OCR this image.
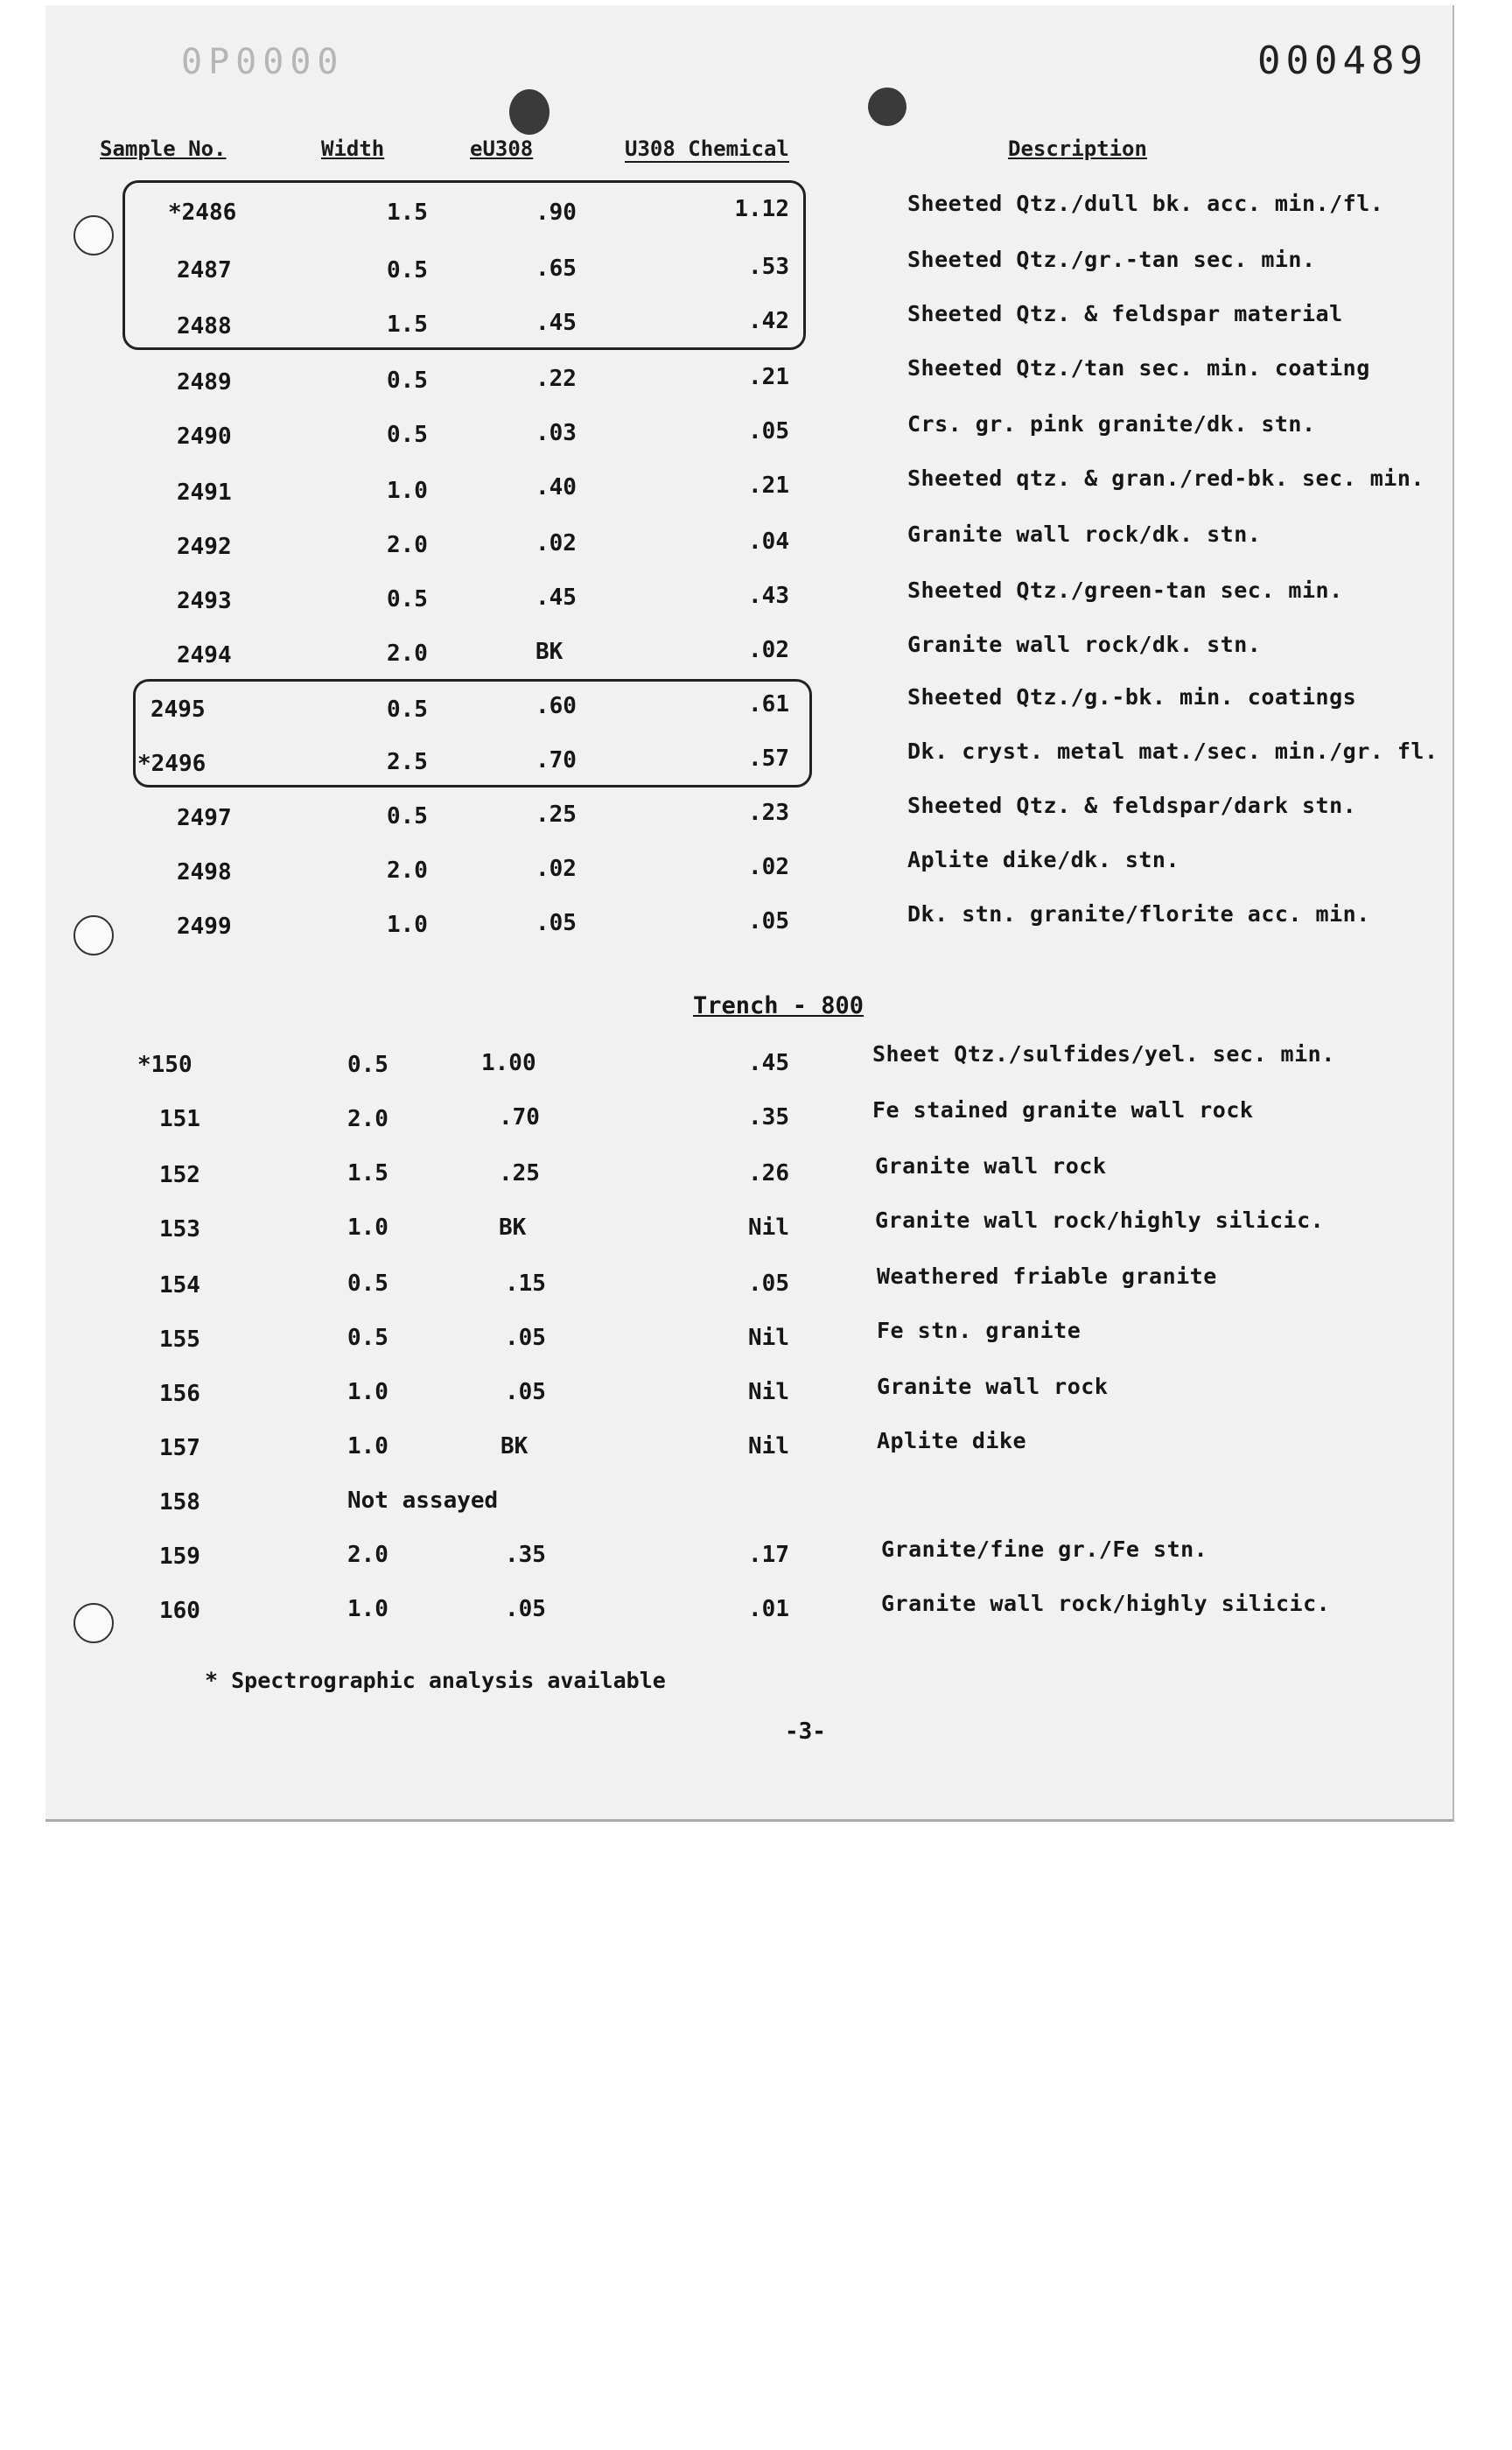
0P0000	000489
Sample No.	Width	eU308	U308 Chemical	Description
*2486	1.5	.90	1.12	Sheeted Qtz./dull bk. acc. min./fl.
2487	0.5	.65	.53	Sheeted Qtz./gr.-tan sec. min.
2488	1.5	.45	.42	Sheeted Qtz. & feldspar material
2489	0.5	.22	.21	Sheeted Qtz./tan sec. min. coating
2490	0.5	.03	.05	Crs. gr. pink granite/dk. stn.
2491	1.0	.40	.21	Sheeted qtz. & gran./red-bk. sec. min.
2492	2.0	.02	.04	Granite wall rock/dk. stn.
2493	0.5	.45	.43	Sheeted Qtz./green-tan sec. min.
2494	2.0	BK	.02	Granite wall rock/dk. stn.
2495	0.5	.60	.61	Sheeted Qtz./g.-bk. min. coatings
*2496	2.5	.70	.57	Dk. cryst. metal mat./sec. min./gr. fl.
2497	0.5	.25	.23	Sheeted Qtz. & feldspar/dark stn.
2498	2.0	.02	.02	Aplite dike/dk. stn.
2499	1.0	.05	.05	Dk. stn. granite/florite acc. min.
Trench - 800
*150	0.5	1.00	.45	Sheet Qtz./sulfides/yel. sec. min.
151	2.0	.70	.35	Fe stained granite wall rock
152	1.5	.25	.26	Granite wall rock
153	1.0	BK	Nil	Granite wall rock/highly silicic.
154	0.5	.15	.05	Weathered friable granite
155	0.5	.05	Nil	Fe stn. granite
156	1.0	.05	Nil	Granite wall rock
157	1.0	BK	Nil	Aplite dike
158	Not assayed
159	2.0	.35	.17	Granite/fine gr./Fe stn.
160	1.0	.05	.01	Granite wall rock/highly silicic.
* Spectrographic analysis available
-3-
